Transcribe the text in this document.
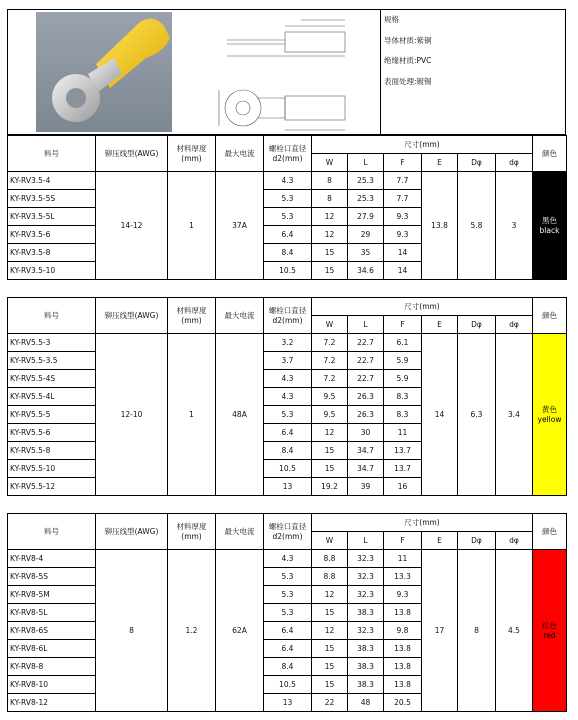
规格
导体材质:紫铜
绝缘材质:PVC
表面处理:镀锡
料号	铆压线型(AWG)	材料厚度(mm)	最大电流	螺栓口直径d2(mm)	尺寸(mm)						颜色
					W	L	F	E	Dφ	dφ	
KY-RV3.5-4	14-12	1	37A	4.3	8	25.3	7.7	13.8	5.8	3	黑色
black

KY-RV3.5-5S				5.3	8	25.3	7.7				
KY-RV3.5-5L				5.3	12	27.9	9.3				
KY-RV3.5-6				6.4	12	29	9.3				
KY-RV3.5-8				8.4	15	35	14				
KY-RV3.5-10				10.5	15	34.6	14				
料号	铆压线型(AWG)	材料厚度(mm)	最大电流	螺栓口直径d2(mm)	尺寸(mm)						颜色
					W	L	F	E	Dφ	dφ	
KY-RV5.5-3	12-10	1	48A	3.2	7.2	22.7	6.1	14	6.3	3.4	黄色
yellow

KY-RV5.5-3.5				3.7	7.2	22.7	5.9				
KY-RV5.5-4S				4.3	7.2	22.7	5.9				
KY-RV5.5-4L				4.3	9.5	26.3	8.3				
KY-RV5.5-5				5.3	9.5	26.3	8.3				
KY-RV5.5-6				6.4	12	30	11				
KY-RV5.5-8				8.4	15	34.7	13.7				
KY-RV5.5-10				10.5	15	34.7	13.7				
KY-RV5.5-12				13	19.2	39	16				
料号	铆压线型(AWG)	材料厚度(mm)	最大电流	螺栓口直径d2(mm)	尺寸(mm)						颜色
					W	L	F	E	Dφ	dφ	
KY-RV8-4	8	1.2	62A	4.3	8.8	32.3	11	17	8	4.5	红色
red

KY-RV8-5S				5.3	8.8	32.3	13.3				
KY-RV8-5M				5.3	12	32.3	9.3				
KY-RV8-5L				5.3	15	38.3	13.8				
KY-RV8-6S				6.4	12	32.3	9.8				
KY-RV8-6L				6.4	15	38.3	13.8				
KY-RV8-8				8.4	15	38.3	13.8				
KY-RV8-10				10.5	15	38.3	13.8				
KY-RV8-12				13	22	48	20.5				
